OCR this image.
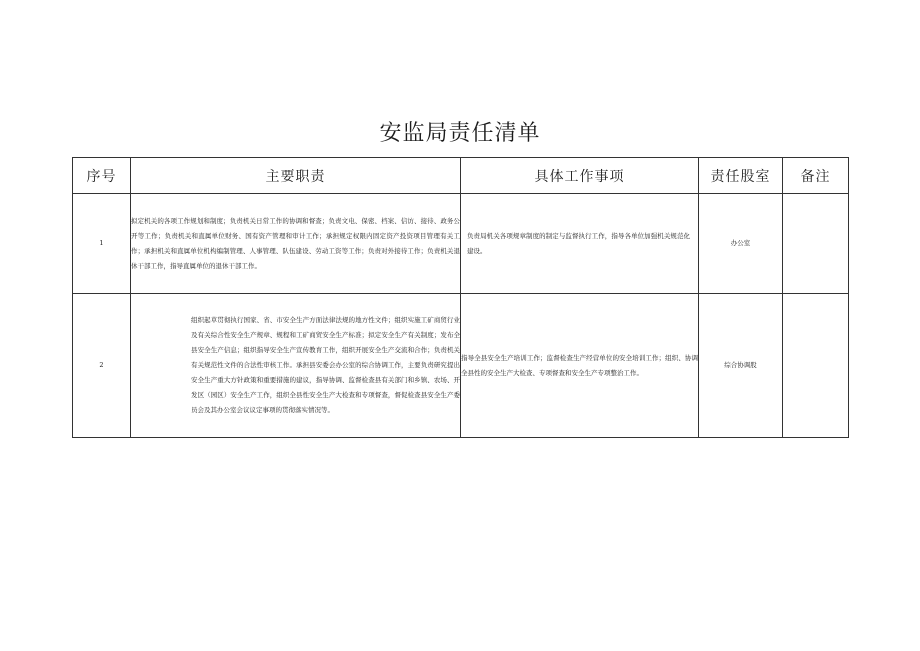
安监局责任清单
序号	主要职责	具体工作事项	责任股室	备注
1	拟定机关的各项工作规划和制度；负责机关日常工作的协调和督查；负责文电、保密、档案、信访、接待、政务公开等工作；负责机关和直属单位财务、国有资产管理和审计工作；承担规定权限内固定资产投资项目管理有关工作；承担机关和直属单位机构编制管理、人事管理、队伍建设、劳动工资等工作；负责对外接待工作；负责机关退休干部工作，指导直属单位的退休干部工作。	负责局机关各项规章制度的制定与监督执行工作，指导各单位加强机关规范化建设。	办公室	
2	组织起草贯彻执行国家、省、市安全生产方面法律法规的地方性文件；组织实施工矿商贸行业及有关综合性安全生产规章、规程和工矿商贸安全生产标准；拟定安全生产有关制度；发布全县安全生产信息；组织指导安全生产宣传教育工作，组织开展安全生产交流和合作；负责机关有关规范性文件的合法性审核工作。承担县安委会办公室的综合协调工作，主要负责研究提出安全生产重大方针政策和重要措施的建议，指导协调、监督检查县有关部门和乡镇、农场、开发区（园区）安全生产工作，组织全县性安全生产大检查和专项督查，督促检查县安全生产委员会及其办公室会议议定事项的贯彻落实情况等。	指导全县安全生产培训工作；监督检查生产经营单位的安全培训工作；组织、协调全县性的安全生产大检查、专项督查和安全生产专项整治工作。	综合协调股	
